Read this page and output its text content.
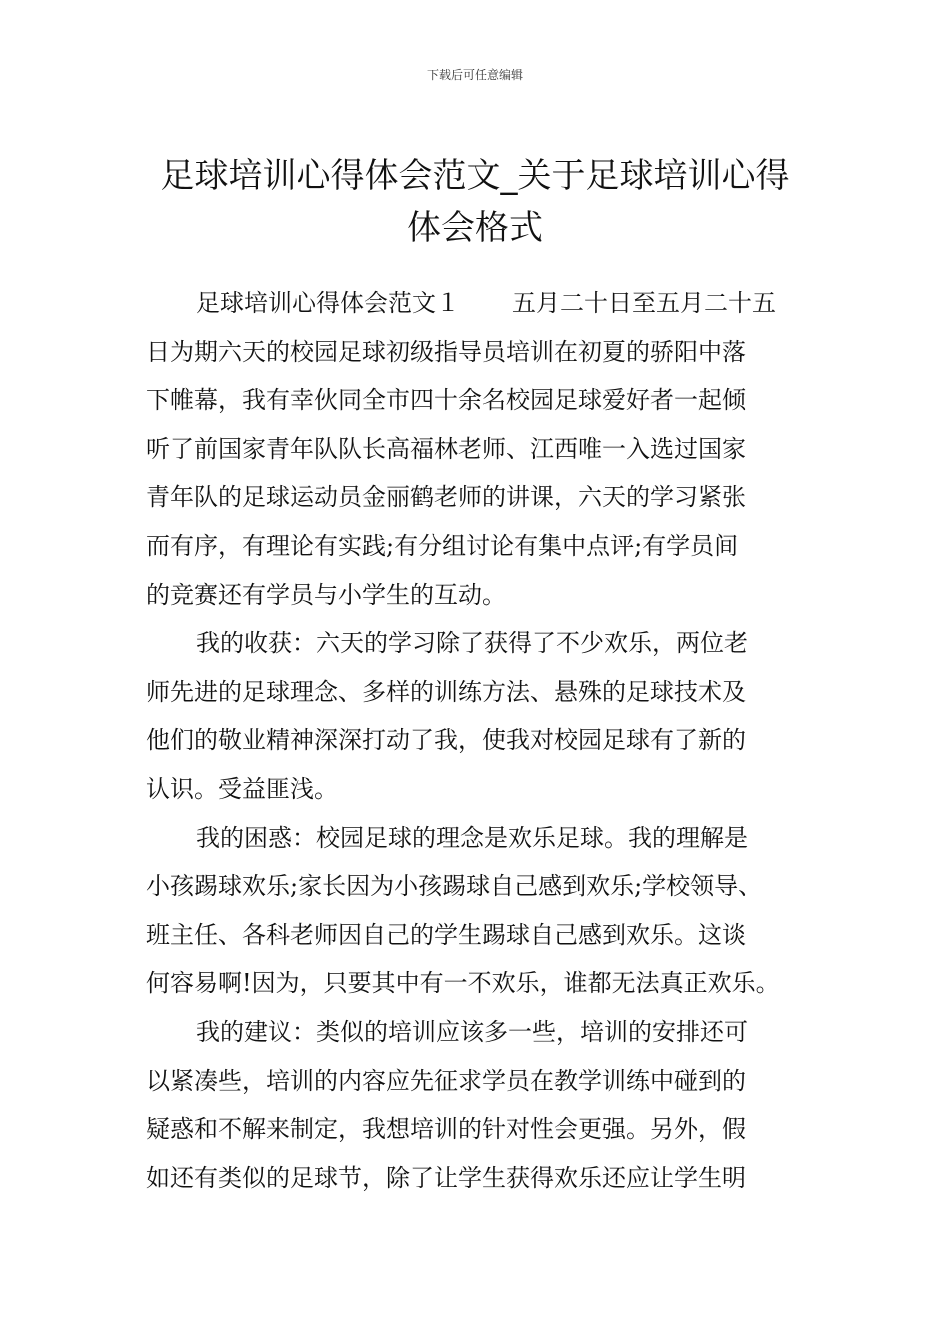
下载后可任意编辑
足球培训心得体会范文_关于足球培训心得
体会格式
足球培训心得体会范文１ 五月二十日至五月二十五
日为期六天的校园足球初级指导员培训在初夏的骄阳中落
下帷幕，我有幸伙同全市四十余名校园足球爱好者一起倾
听了前国家青年队队长高福林老师、江西唯一入选过国家
青年队的足球运动员金丽鹤老师的讲课，六天的学习紧张
而有序，有理论有实践;有分组讨论有集中点评;有学员间
的竞赛还有学员与小学生的互动。
我的收获：六天的学习除了获得了不少欢乐，两位老
师先进的足球理念、多样的训练方法、悬殊的足球技术及
他们的敬业精神深深打动了我，使我对校园足球有了新的
认识。受益匪浅。
我的困惑：校园足球的理念是欢乐足球。我的理解是
小孩踢球欢乐;家长因为小孩踢球自己感到欢乐;学校领导、
班主任、各科老师因自己的学生踢球自己感到欢乐。这谈
何容易啊!因为，只要其中有一不欢乐，谁都无法真正欢乐。
我的建议：类似的培训应该多一些，培训的安排还可
以紧凑些，培训的内容应先征求学员在教学训练中碰到的
疑惑和不解来制定，我想培训的针对性会更强。另外，假
如还有类似的足球节，除了让学生获得欢乐还应让学生明
